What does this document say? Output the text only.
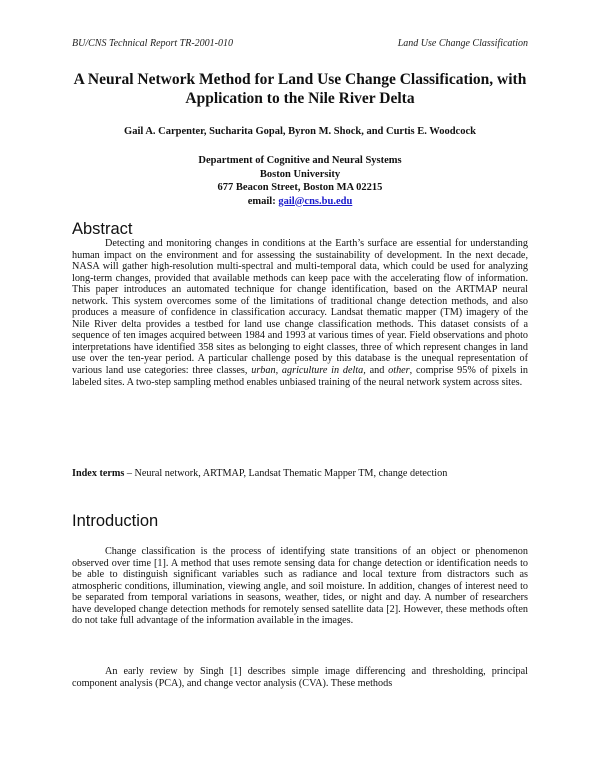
BU/CNS Technical Report TR-2001-010	Land Use Change Classification
A Neural Network Method for Land Use Change Classification, with
Application to the Nile River Delta
Gail A. Carpenter, Sucharita Gopal, Byron M. Shock, and Curtis E. Woodcock
Department of Cognitive and Neural Systems
Boston University
677 Beacon Street, Boston MA 02215
email: gail@cns.bu.edu
Abstract
Detecting and monitoring changes in conditions at the Earth’s surface are essential for understanding human impact on the environment and for assessing the sustainability of development. In the next decade, NASA will gather high-resolution multi-spectral and multi-temporal data, which could be used for analyzing long-term changes, provided that available methods can keep pace with the accelerating flow of information. This paper introduces an automated technique for change identification, based on the ARTMAP neural network. This system overcomes some of the limitations of traditional change detection methods, and also produces a measure of confidence in classification accuracy. Landsat thematic mapper (TM) imagery of the Nile River delta provides a testbed for land use change classification methods. This dataset consists of a sequence of ten images acquired between 1984 and 1993 at various times of year. Field observations and photo interpretations have identified 358 sites as belonging to eight classes, three of which represent changes in land use over the ten-year period. A particular challenge posed by this database is the unequal representation of various land use categories: three classes, urban, agriculture in delta, and other, comprise 95% of pixels in labeled sites. A two-step sampling method enables unbiased training of the neural network system across sites.
Index terms – Neural network, ARTMAP, Landsat Thematic Mapper TM, change detection
Introduction
Change classification is the process of identifying state transitions of an object or phenomenon observed over time [1]. A method that uses remote sensing data for change detection or identification needs to be able to distinguish significant variables such as radiance and local texture from distractors such as atmospheric conditions, illumination, viewing angle, and soil moisture. In addition, changes of interest need to be separated from temporal variations in seasons, weather, tides, or night and day. A number of researchers have developed change detection methods for remotely sensed satellite data [2]. However, these methods often do not take full advantage of the information available in the images.
An early review by Singh [1] describes simple image differencing and thresholding, principal component analysis (PCA), and change vector analysis (CVA). These methods
